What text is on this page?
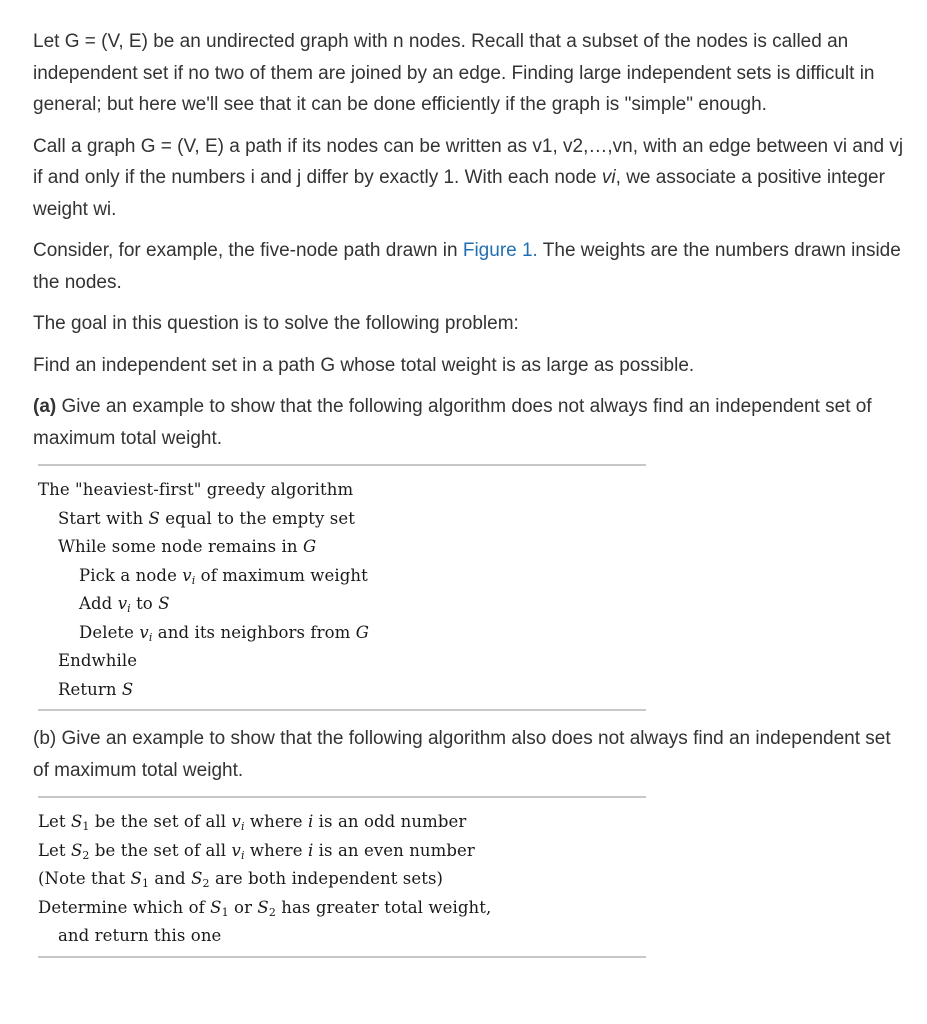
Let G = (V, E) be an undirected graph with n nodes. Recall that a subset of the nodes is called an independent set if no two of them are joined by an edge. Finding large independent sets is difficult in general; but here we'll see that it can be done efficiently if the graph is "simple" enough.

Call a graph G = (V, E) a path if its nodes can be written as v1, v2,…,vn, with an edge between vi and vj if and only if the numbers i and j differ by exactly 1. With each node vi, we associate a positive integer weight wi.

Consider, for example, the five-node path drawn in Figure 1. The weights are the numbers drawn inside the nodes.

The goal in this question is to solve the following problem:

Find an independent set in a path G whose total weight is as large as possible.

(a) Give an example to show that the following algorithm does not always find an independent set of maximum total weight.

The "heaviest-first" greedy algorithm
Start with S equal to the empty set
While some node remains in G
Pick a node $v_i$ of maximum weight
Add $v_i$ to S
Delete $v_i$ and its neighbors from G
Endwhile
Return S

(b) Give an example to show that the following algorithm also does not always find an independent set of maximum total weight.

Let $S_1$ be the set of all $v_i$ where i is an odd number
Let $S_2$ be the set of all $v_i$ where i is an even number
(Note that $S_1$ and $S_2$ are both independent sets)
Determine which of $S_1$ or $S_2$ has greater total weight,
and return this one
